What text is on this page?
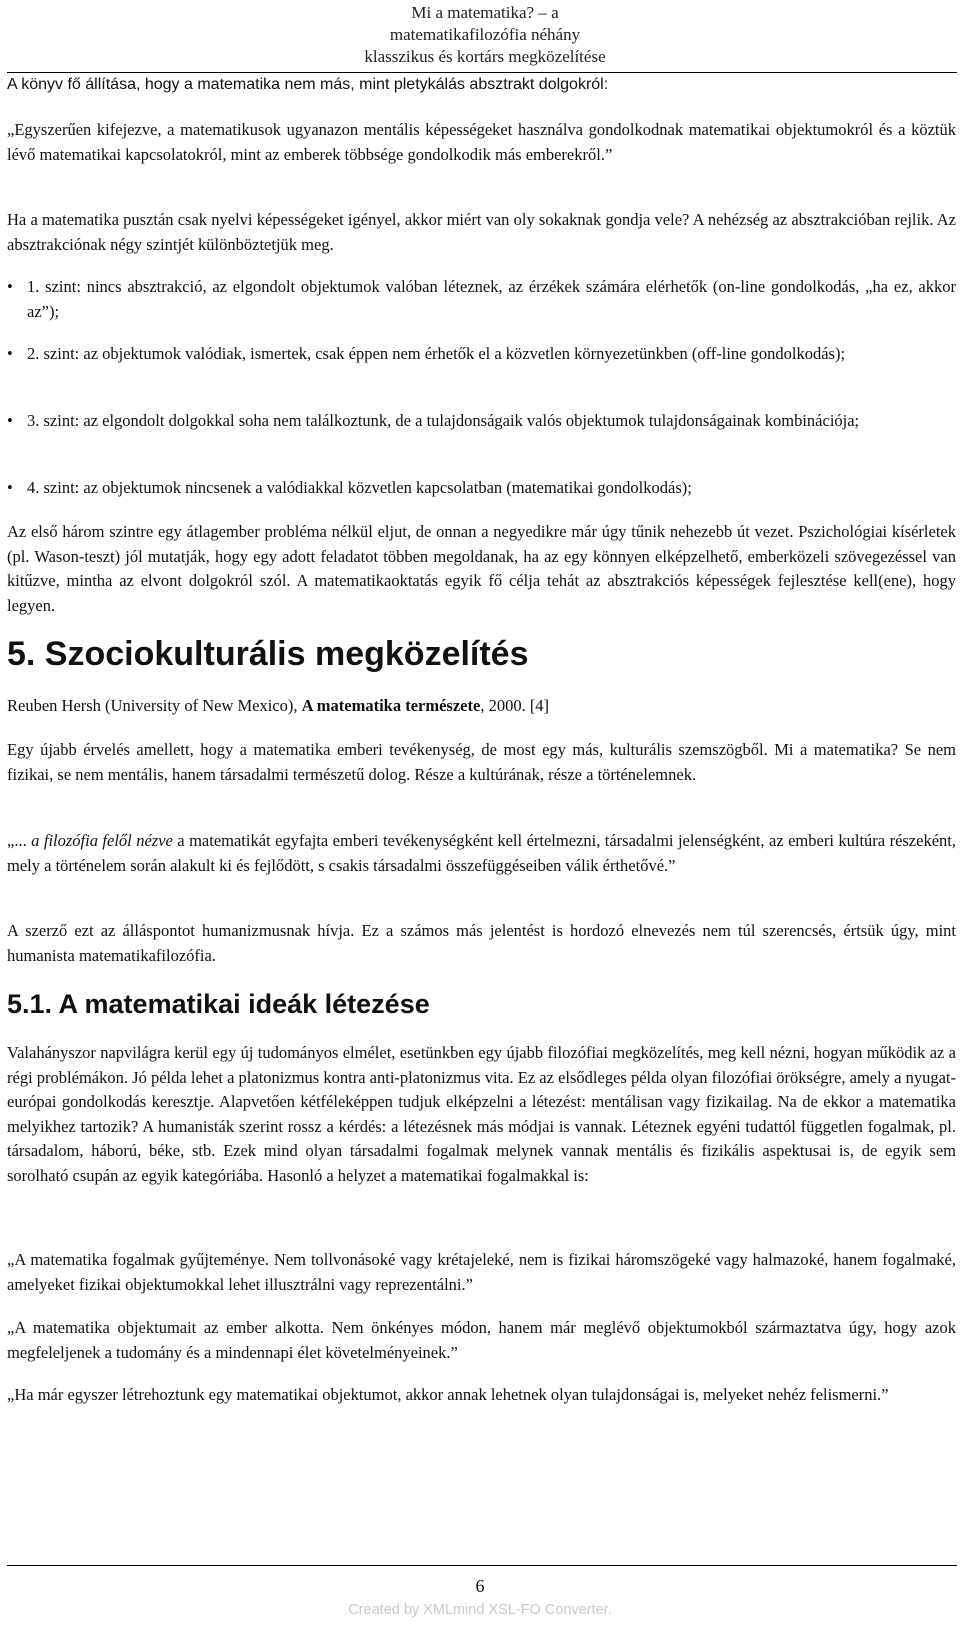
Mi a matematika? – a
matematikafilozófia néhány
klasszikus és kortárs megközelítése
A könyv fő állítása, hogy a matematika nem más, mint pletykálás absztrakt dolgokról:
„Egyszerűen kifejezve, a matematikusok ugyanazon mentális képességeket használva gondolkodnak matematikai objektumokról és a köztük lévő matematikai kapcsolatokról, mint az emberek többsége gondolkodik más emberekről.”
Ha a matematika pusztán csak nyelvi képességeket igényel, akkor miért van oly sokaknak gondja vele? A nehézség az absztrakcióban rejlik. Az absztrakciónak négy szintjét különböztetjük meg.
• 1. szint: nincs absztrakció, az elgondolt objektumok valóban léteznek, az érzékek számára elérhetők (on-line gondolkodás, „ha ez, akkor az”);
• 2. szint: az objektumok valódiak, ismertek, csak éppen nem érhetők el a közvetlen környezetünkben (off-line gondolkodás);
• 3. szint: az elgondolt dolgokkal soha nem találkoztunk, de a tulajdonságaik valós objektumok tulajdonságainak kombinációja;
• 4. szint: az objektumok nincsenek a valódiakkal közvetlen kapcsolatban (matematikai gondolkodás);
Az első három szintre egy átlagember probléma nélkül eljut, de onnan a negyedikre már úgy tűnik nehezebb út vezet. Pszichológiai kísérletek (pl. Wason-teszt) jól mutatják, hogy egy adott feladatot többen megoldanak, ha az egy könnyen elképzelhető, emberközeli szövegezéssel van kitűzve, mintha az elvont dolgokról szól. A matematikaoktatás egyik fő célja tehát az absztrakciós képességek fejlesztése kell(ene), hogy legyen.
5. Szociokulturális megközelítés
Reuben Hersh (University of New Mexico), A matematika természete, 2000. [4]
Egy újabb érvelés amellett, hogy a matematika emberi tevékenység, de most egy más, kulturális szemszögből. Mi a matematika? Se nem fizikai, se nem mentális, hanem társadalmi természetű dolog. Része a kultúrának, része a történelemnek.
„... a filozófia felől nézve a matematikát egyfajta emberi tevékenységként kell értelmezni, társadalmi jelenségként, az emberi kultúra részeként, mely a történelem során alakult ki és fejlődött, s csakis társadalmi összefüggéseiben válik érthetővé.”
A szerző ezt az álláspontot humanizmusnak hívja. Ez a számos más jelentést is hordozó elnevezés nem túl szerencsés, értsük úgy, mint humanista matematikafilozófia.
5.1. A matematikai ideák létezése
Valahányszor napvilágra kerül egy új tudományos elmélet, esetünkben egy újabb filozófiai megközelítés, meg kell nézni, hogyan működik az a régi problémákon. Jó példa lehet a platonizmus kontra anti-platonizmus vita. Ez az elsődleges példa olyan filozófiai örökségre, amely a nyugat-európai gondolkodás keresztje. Alapvetően kétféleképpen tudjuk elképzelni a létezést: mentálisan vagy fizikailag. Na de ekkor a matematika melyikhez tartozik? A humanisták szerint rossz a kérdés: a létezésnek más módjai is vannak. Léteznek egyéni tudattól független fogalmak, pl. társadalom, háború, béke, stb. Ezek mind olyan társadalmi fogalmak melynek vannak mentális és fizikális aspektusai is, de egyik sem sorolható csupán az egyik kategóriába. Hasonló a helyzet a matematikai fogalmakkal is:
„A matematika fogalmak gyűjteménye. Nem tollvonásoké vagy krétajeleké, nem is fizikai háromszögeké vagy halmazoké, hanem fogalmaké, amelyeket fizikai objektumokkal lehet illusztrálni vagy reprezentálni.”
„A matematika objektumait az ember alkotta. Nem önkényes módon, hanem már meglévő objektumokból származtatva úgy, hogy azok megfeleljenek a tudomány és a mindennapi élet követelményeinek.”
„Ha már egyszer létrehoztunk egy matematikai objektumot, akkor annak lehetnek olyan tulajdonságai is, melyeket nehéz felismerni.”
6
Created by XMLmind XSL-FO Converter.
